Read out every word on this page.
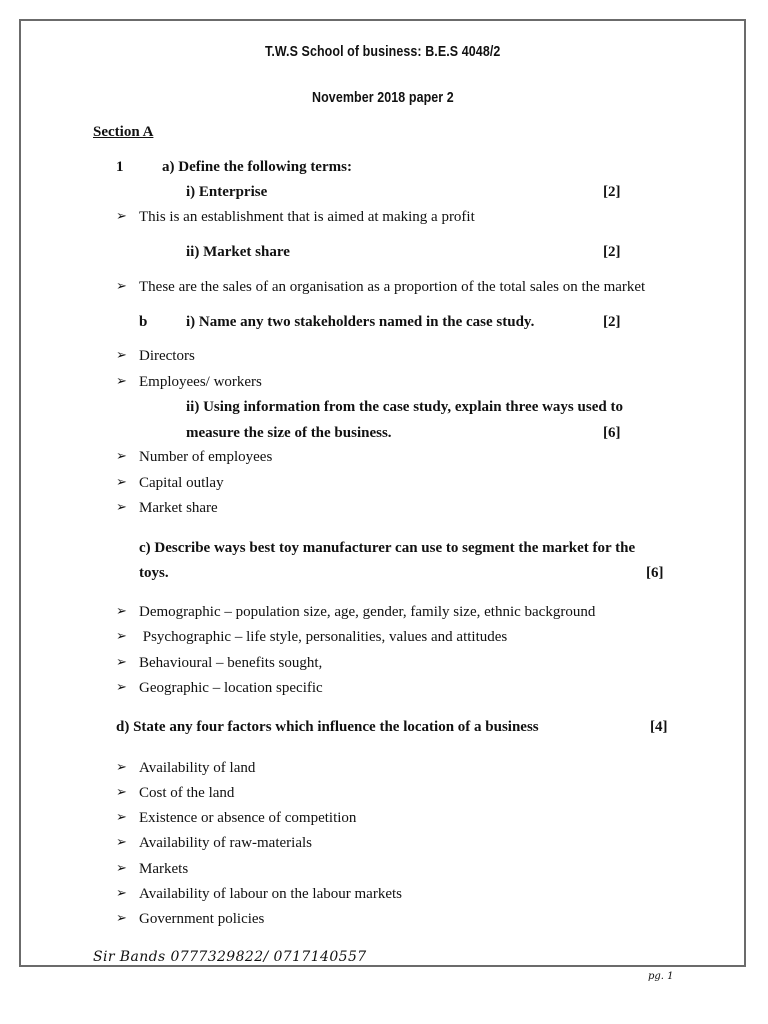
T.W.S School of business: B.E.S 4048/2
November 2018 paper 2
Section A
1	a) Define the following terms:
i) Enterprise	[2]
➢ This is an establishment that is aimed at making a profit
ii) Market share	[2]
➢ These are the sales of an organisation as a proportion of the total sales on the market
b	i) Name any two stakeholders named in the case study.	[2]
➢ Directors
➢ Employees/ workers
ii) Using information from the case study, explain three ways used to
measure the size of the business.	[6]
➢ Number of employees
➢ Capital outlay
➢ Market share
c) Describe ways best toy manufacturer can use to segment the market for the
toys.	[6]
➢ Demographic – population size, age, gender, family size, ethnic background
➢ Psychographic – life style, personalities, values and attitudes
➢ Behavioural – benefits sought,
➢ Geographic – location specific
d) State any four factors which influence the location of a business	[4]
➢ Availability of land
➢ Cost of the land
➢ Existence or absence of competition
➢ Availability of raw-materials
➢ Markets
➢ Availability of labour on the labour markets
➢ Government policies
Sir Bands 0777329822/ 0717140557
pg. 1
